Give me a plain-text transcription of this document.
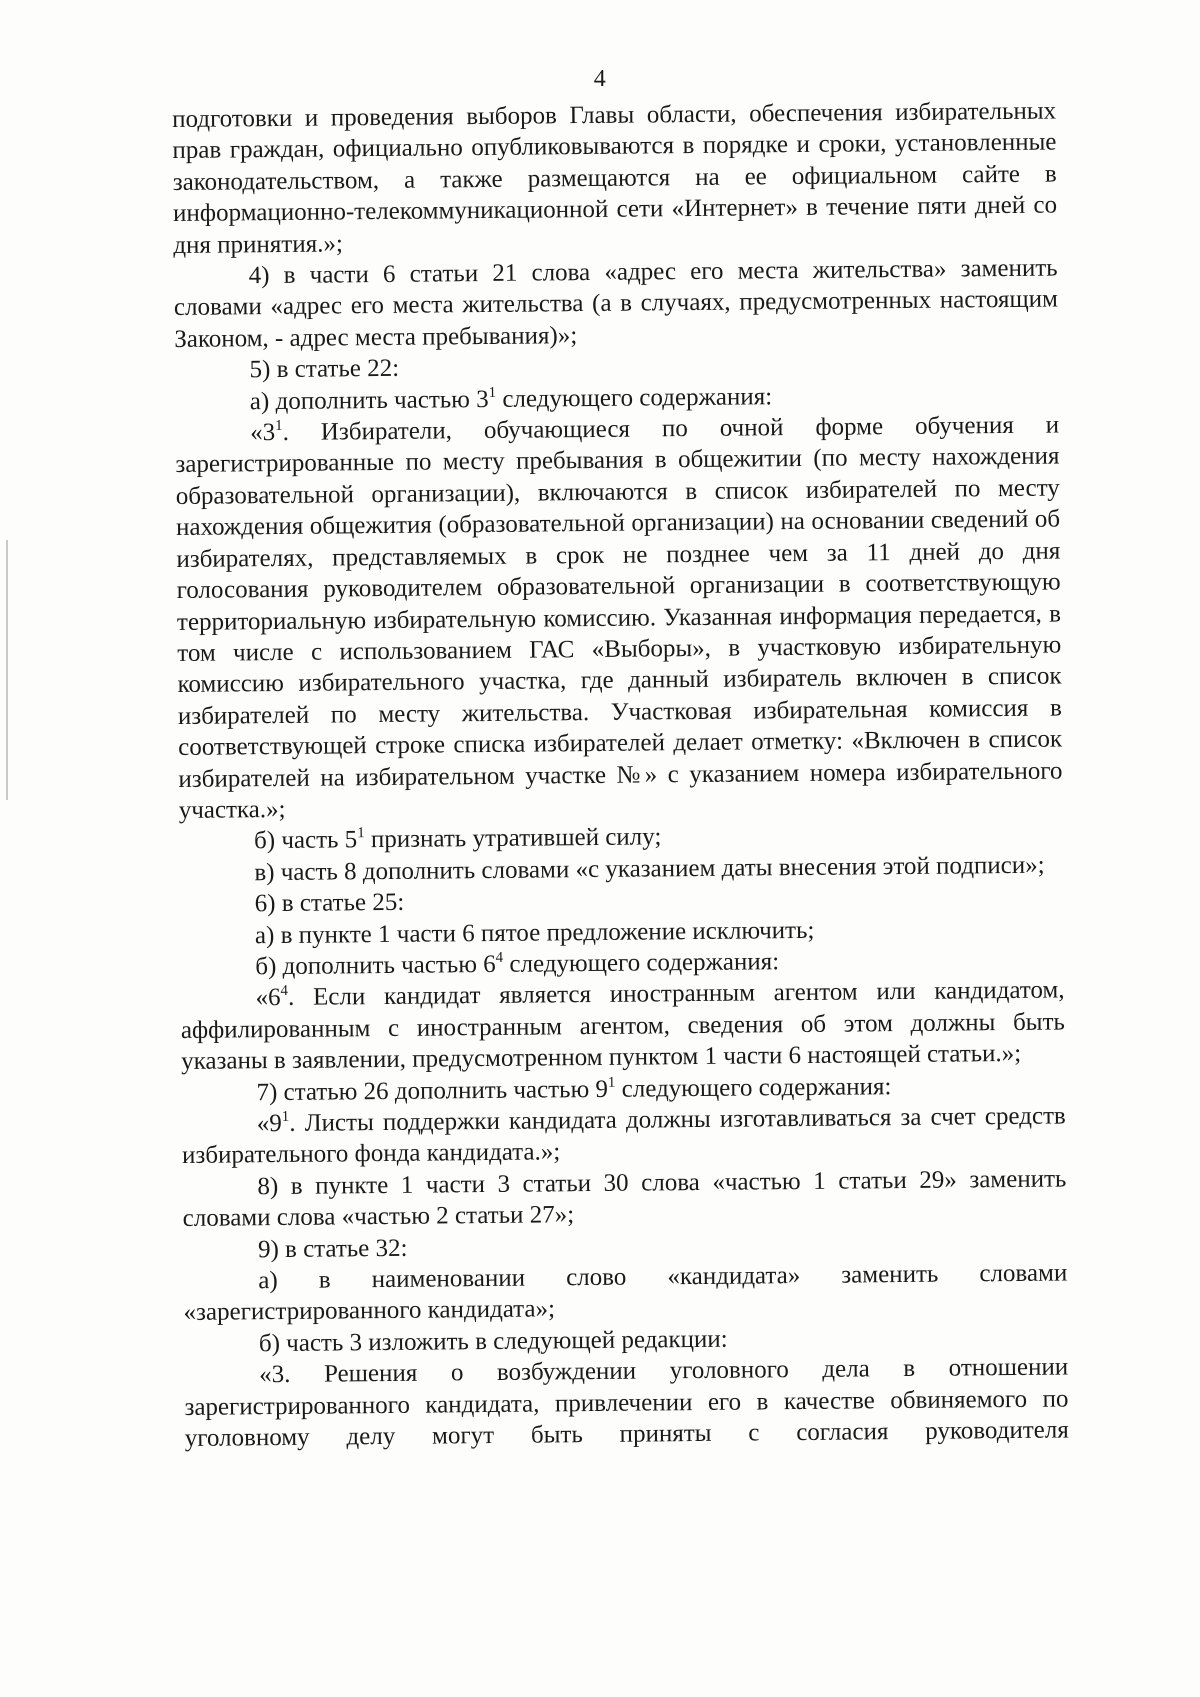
4

подготовки и проведения выборов Главы области, обеспечения избирательных прав граждан, официально опубликовываются в порядке и сроки, установленные законодательством, а также размещаются на ее официальном сайте в информационно-телекоммуникационной сети «Интернет» в течение пяти дней со дня принятия.»;

4) в части 6 статьи 21 слова «адрес его места жительства» заменить словами «адрес его места жительства (а в случаях, предусмотренных настоящим Законом, - адрес места пребывания)»;

5) в статье 22:

а) дополнить частью $3^1$ следующего содержания:

«$3^1$. Избиратели, обучающиеся по очной форме обучения и зарегистрированные по месту пребывания в общежитии (по месту нахождения образовательной организации), включаются в список избирателей по месту нахождения общежития (образовательной организации) на основании сведений об избирателях, представляемых в срок не позднее чем за 11 дней до дня голосования руководителем образовательной организации в соответствующую территориальную избирательную комиссию. Указанная информация передается, в том числе с использованием ГАС «Выборы», в участковую избирательную комиссию избирательного участка, где данный избиратель включен в список избирателей по месту жительства. Участковая избирательная комиссия в соответствующей строке списка избирателей делает отметку: «Включен в список избирателей на избирательном участке №» с указанием номера избирательного участка.»;

б) часть $5^1$ признать утратившей силу;

в) часть 8 дополнить словами «с указанием даты внесения этой подписи»;

6) в статье 25:

а) в пункте 1 части 6 пятое предложение исключить;

б) дополнить частью $6^4$ следующего содержания:

«$6^4$. Если кандидат является иностранным агентом или кандидатом, аффилированным с иностранным агентом, сведения об этом должны быть указаны в заявлении, предусмотренном пунктом 1 части 6 настоящей статьи.»;

7) статью 26 дополнить частью $9^1$ следующего содержания:

«$9^1$. Листы поддержки кандидата должны изготавливаться за счет средств избирательного фонда кандидата.»;

8) в пункте 1 части 3 статьи 30 слова «частью 1 статьи 29» заменить словами слова «частью 2 статьи 27»;

9) в статье 32:

а) в наименовании слово «кандидата» заменить словами «зарегистрированного кандидата»;

б) часть 3 изложить в следующей редакции:

«3. Решения о возбуждении уголовного дела в отношении зарегистрированного кандидата, привлечении его в качестве обвиняемого по уголовному делу могут быть приняты с согласия руководителя
